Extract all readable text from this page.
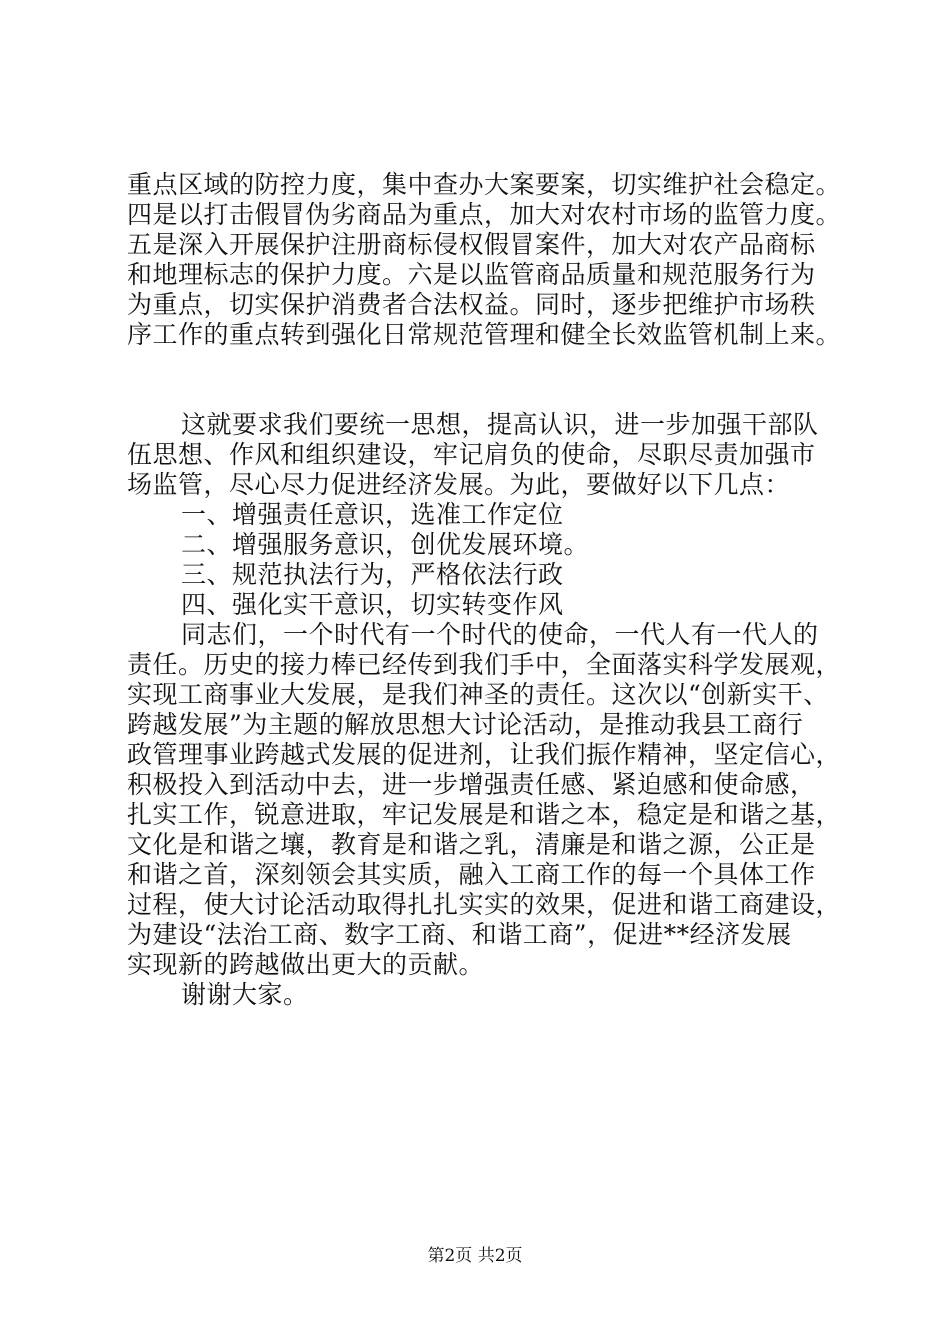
重点区域的防控力度，集中查办大案要案，切实维护社会稳定。
四是以打击假冒伪劣商品为重点，加大对农村市场的监管力度。
五是深入开展保护注册商标侵权假冒案件，加大对农产品商标
和地理标志的保护力度。六是以监管商品质量和规范服务行为
为重点，切实保护消费者合法权益。同时，逐步把维护市场秩
序工作的重点转到强化日常规范管理和健全长效监管机制上来。
这就要求我们要统一思想，提高认识，进一步加强干部队
伍思想、作风和组织建设，牢记肩负的使命，尽职尽责加强市
场监管，尽心尽力促进经济发展。为此，要做好以下几点：
一、增强责任意识，选准工作定位
二、增强服务意识，创优发展环境。
三、规范执法行为，严格依法行政
四、强化实干意识，切实转变作风
同志们，一个时代有一个时代的使命，一代人有一代人的
责任。历史的接力棒已经传到我们手中，全面落实科学发展观，
实现工商事业大发展，是我们神圣的责任。这次以“创新实干、
跨越发展”为主题的解放思想大讨论活动，是推动我县工商行
政管理事业跨越式发展的促进剂，让我们振作精神，坚定信心，
积极投入到活动中去，进一步增强责任感、紧迫感和使命感，
扎实工作，锐意进取，牢记发展是和谐之本，稳定是和谐之基，
文化是和谐之壤，教育是和谐之乳，清廉是和谐之源，公正是
和谐之首，深刻领会其实质，融入工商工作的每一个具体工作
过程，使大讨论活动取得扎扎实实的效果，促进和谐工商建设，
为建设“法治工商、数字工商、和谐工商”，促进**经济发展
实现新的跨越做出更大的贡献。
谢谢大家。
第2页 共2页
